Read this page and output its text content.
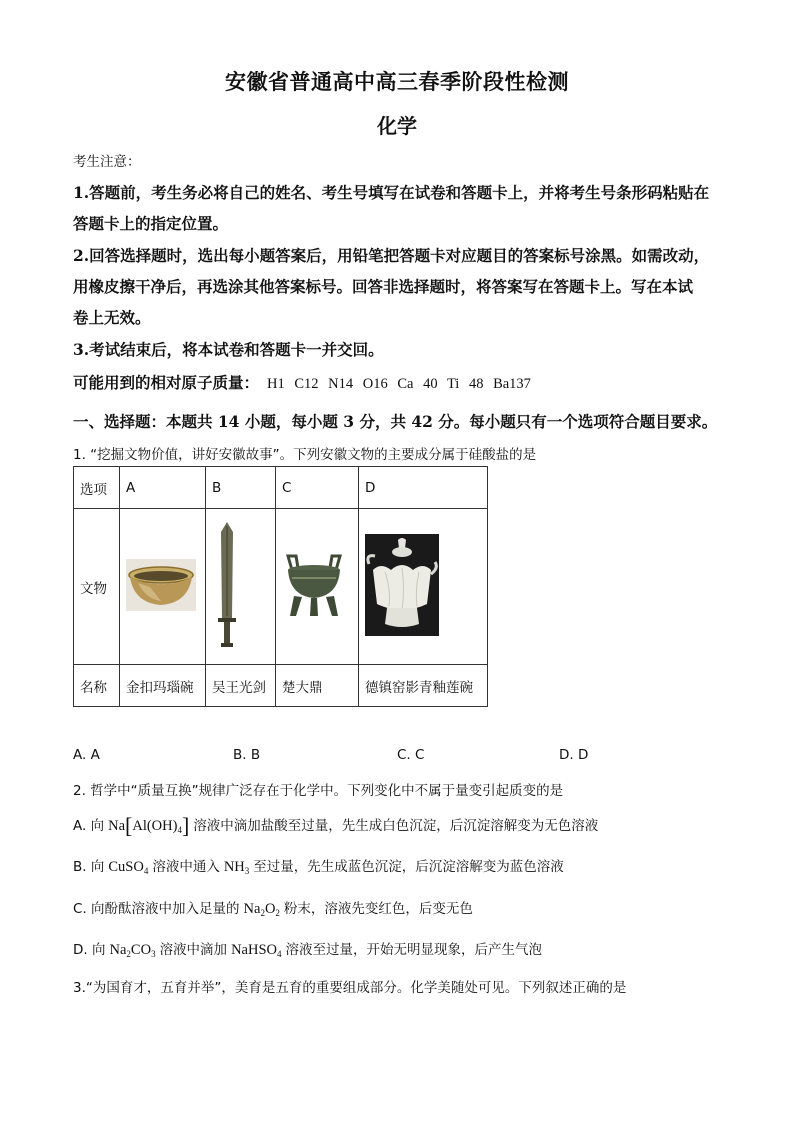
安徽省普通高中高三春季阶段性检测
化学
考生注意：
1.答题前，考生务必将自己的姓名、考生号填写在试卷和答题卡上，并将考生号条形码粘贴在
答题卡上的指定位置。
2.回答选择题时，选出每小题答案后，用铅笔把答题卡对应题目的答案标号涂黑。如需改动，
用橡皮擦干净后，再选涂其他答案标号。回答非选择题时，将答案写在答题卡上。写在本试
卷上无效。
3.考试结束后，将本试卷和答题卡一并交回。
可能用到的相对原子质量： H1 C12 N14 O16 Ca 40 Ti 48 Ba137
一、选择题：本题共 14 小题，每小题 3 分，共 42 分。每小题只有一个选项符合题目要求。
1. “挖掘文物价值，讲好安徽故事”。下列安徽文物的主要成分属于硅酸盐的是
选项	A	B	C	D
文物				
名称	金扣玛瑙碗	吴王光剑	楚大鼎	德镇窑影青釉莲碗
A. A	B. B	C. C	D. D
2. 哲学中“质量互换”规律广泛存在于化学中。下列变化中不属于量变引起质变的是
A. 向 $Na[Al(OH)_4]$ 溶液中滴加盐酸至过量，先生成白色沉淀，后沉淀溶解变为无色溶液
B. 向 CuSO$_4$ 溶液中通入 $NH_3$ 至过量，先生成蓝色沉淀，后沉淀溶解变为蓝色溶液
C. 向酚酞溶液中加入足量的 $Na_2O_2$ 粉末，溶液先变红色，后变无色
D. 向 $Na_2CO_3$ 溶液中滴加 NaHSO$_4$ 溶液至过量，开始无明显现象，后产生气泡
3.“为国育才，五育并举”，美育是五育的重要组成部分。化学美随处可见。下列叙述正确的是
